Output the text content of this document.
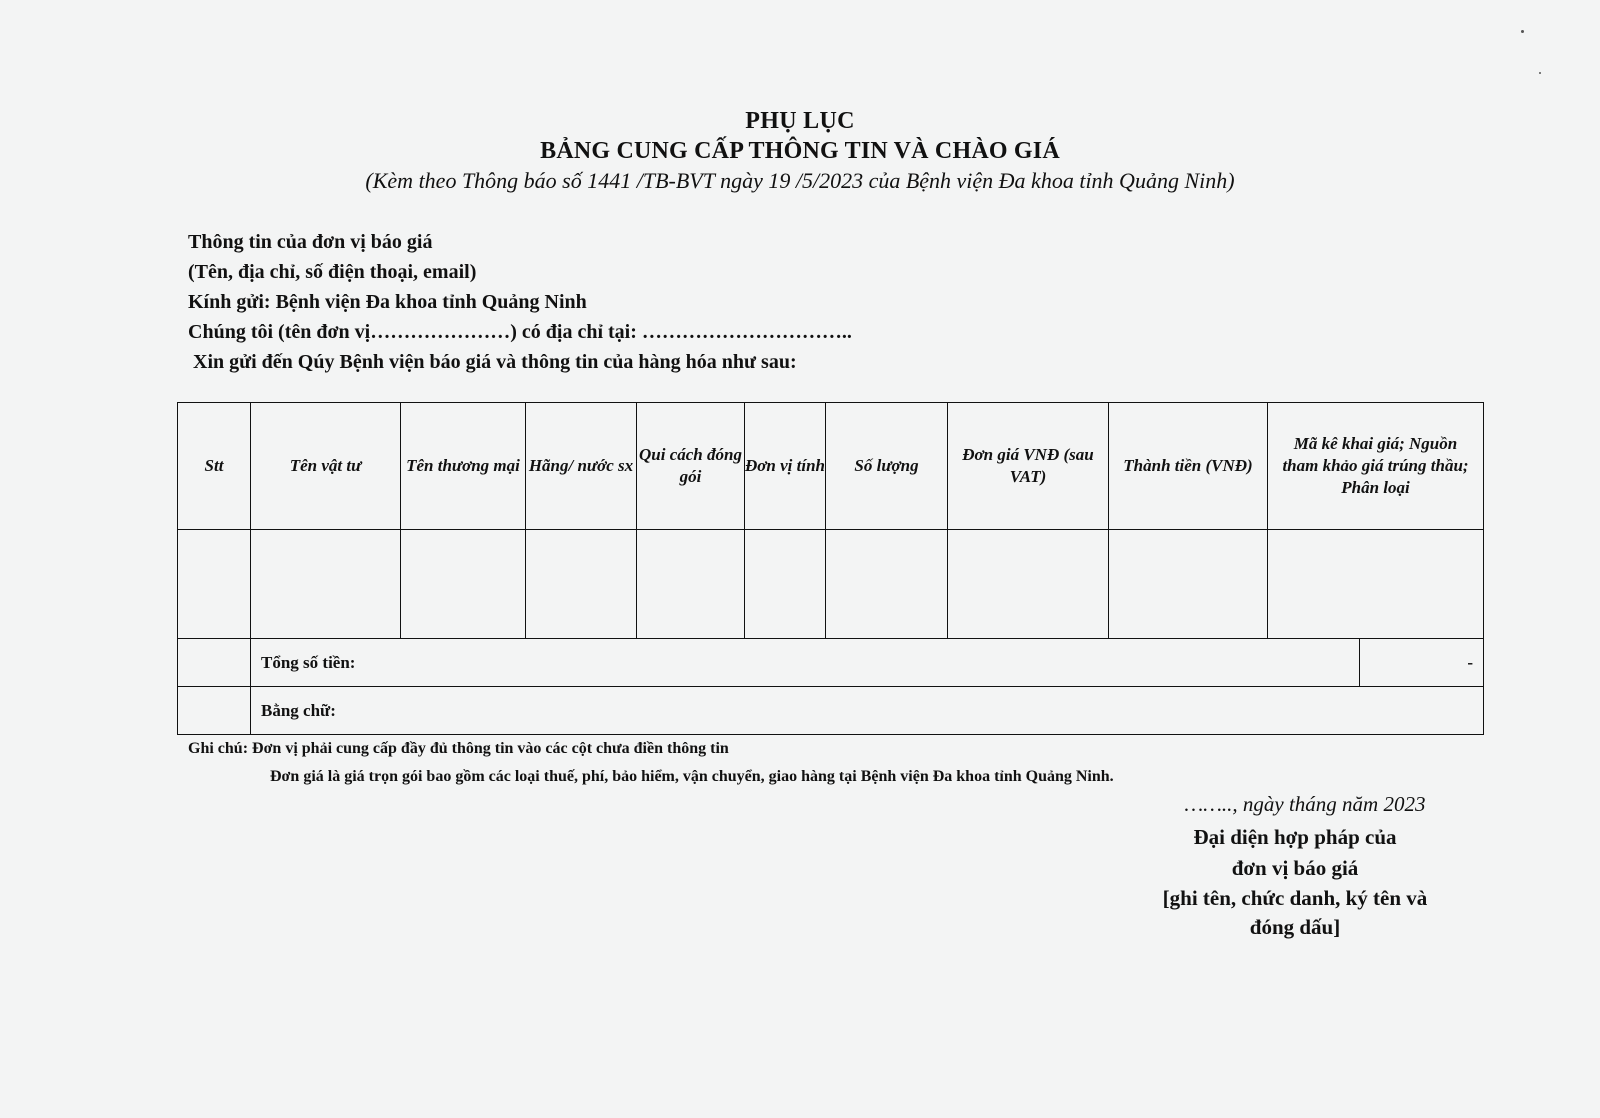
PHỤ LỤC
BẢNG CUNG CẤP THÔNG TIN VÀ CHÀO GIÁ
(Kèm theo Thông báo số 1441 /TB-BVT ngày 19 /5/2023 của Bệnh viện Đa khoa tỉnh Quảng Ninh)
Thông tin của đơn vị báo giá
(Tên, địa chỉ, số điện thoại, email)
Kính gửi: Bệnh viện Đa khoa tỉnh Quảng Ninh
Chúng tôi (tên đơn vị…………………) có địa chỉ tại: …………………………..
Xin gửi đến Qúy Bệnh viện báo giá và thông tin của hàng hóa như sau:
Stt	Tên vật tư	Tên thương mại	Hãng/ nước sx	Qui cách đóng gói	Đơn vị tính	Số lượng	Đơn giá VNĐ (sau VAT)	Thành tiền (VNĐ)	Mã kê khai giá; Nguồn tham khảo giá trúng thầu; Phân loại	

	Tổng số tiền:									-
	Bằng chữ:									
Ghi chú: Đơn vị phải cung cấp đầy đủ thông tin vào các cột chưa điền thông tin
Đơn giá là giá trọn gói bao gồm các loại thuế, phí, bảo hiểm, vận chuyển, giao hàng tại Bệnh viện Đa khoa tỉnh Quảng Ninh.
…….., ngày tháng năm 2023
Đại diện hợp pháp của
đơn vị báo giá
[ghi tên, chức danh, ký tên và
đóng dấu]
